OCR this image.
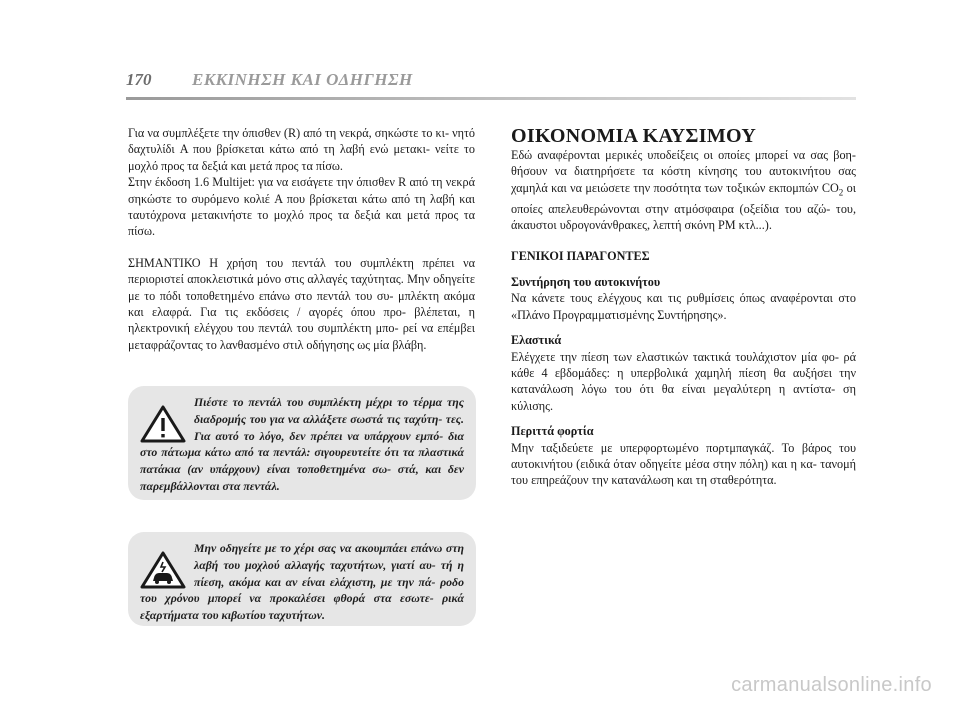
170 ΕΚΚΙΝΗΣΗ ΚΑΙ ΟΔΗΓΗΣΗ

Για να συμπλέξετε την όπισθεν (R) από τη νεκρά, σηκώστε το κι- νητό δαχτυλίδι A που βρίσκεται κάτω από τη λαβή ενώ μετακι- νείτε το μοχλό προς τα δεξιά και μετά προς τα πίσω.

Στην έκδοση 1.6 Multijet: για να εισάγετε την όπισθεν R από τη νεκρά σηκώστε το συρόμενο κολιέ A που βρίσκεται κάτω από τη λαβή και ταυτόχρονα μετακινήστε το μοχλό προς τα δεξιά και μετά προς τα πίσω.

ΣΗΜΑΝΤΙΚΟ Η χρήση του πεντάλ του συμπλέκτη πρέπει να περιοριστεί αποκλειστικά μόνο στις αλλαγές ταχύτητας. Μην οδηγείτε με το πόδι τοποθετημένο επάνω στο πεντάλ του συ- μπλέκτη ακόμα και ελαφρά. Για τις εκδόσεις / αγορές όπου προ- βλέπεται, η ηλεκτρονική ελέγχου του πεντάλ του συμπλέκτη μπο- ρεί να επέμβει μεταφράζοντας το λανθασμένο στιλ οδήγησης ως μία βλάβη.

Πιέστε το πεντάλ του συμπλέκτη μέχρι το τέρμα της διαδρομής του για να αλλάξετε σωστά τις ταχύτη- τες. Για αυτό το λόγο, δεν πρέπει να υπάρχουν εμπό- δια στο πάτωμα κάτω από τα πεντάλ: σιγουρευτείτε ότι τα πλαστικά πατάκια (αν υπάρχουν) είναι τοποθετημένα σω- στά, και δεν παρεμβάλλονται στα πεντάλ.
Μην οδηγείτε με το χέρι σας να ακουμπάει επάνω στη λαβή του μοχλού αλλαγής ταχυτήτων, γιατί αυ- τή η πίεση, ακόμα και αν είναι ελάχιστη, με την πά- ροδο του χρόνου μπορεί να προκαλέσει φθορά στα εσωτε- ρικά εξαρτήματα του κιβωτίου ταχυτήτων.

ΟΙΚΟΝΟΜΙΑ ΚΑΥΣΙΜΟΥ

Εδώ αναφέρονται μερικές υποδείξεις οι οποίες μπορεί να σας βοη- θήσουν να διατηρήσετε τα κόστη κίνησης του αυτοκινήτου σας χαμηλά και να μειώσετε την ποσότητα των τοξικών εκπομπών $CO_2$ οι οποίες απελευθερώνονται στην ατμόσφαιρα (οξείδια του αζώ- του, άκαυστοι υδρογονάνθρακες, λεπτή σκόνη PM κτλ...).

ΓΕΝΙΚΟΙ ΠΑΡΑΓΟΝΤΕΣ

Συντήρηση του αυτοκινήτου

Να κάνετε τους ελέγχους και τις ρυθμίσεις όπως αναφέρονται στο «Πλάνο Προγραμματισμένης Συντήρησης».

Ελαστικά

Ελέγχετε την πίεση των ελαστικών τακτικά τουλάχιστον μία φο- ρά κάθε 4 εβδομάδες: η υπερβολικά χαμηλή πίεση θα αυξήσει την κατανάλωση λόγω του ότι θα είναι μεγαλύτερη η αντίστα- ση κύλισης.

Περιττά φορτία

Μην ταξιδεύετε με υπερφορτωμένο πορτμπαγκάζ. Το βάρος του αυτοκινήτου (ειδικά όταν οδηγείτε μέσα στην πόλη) και η κα- τανομή του επηρεάζουν την κατανάλωση και τη σταθερότητα.

carmanualsonline.info
